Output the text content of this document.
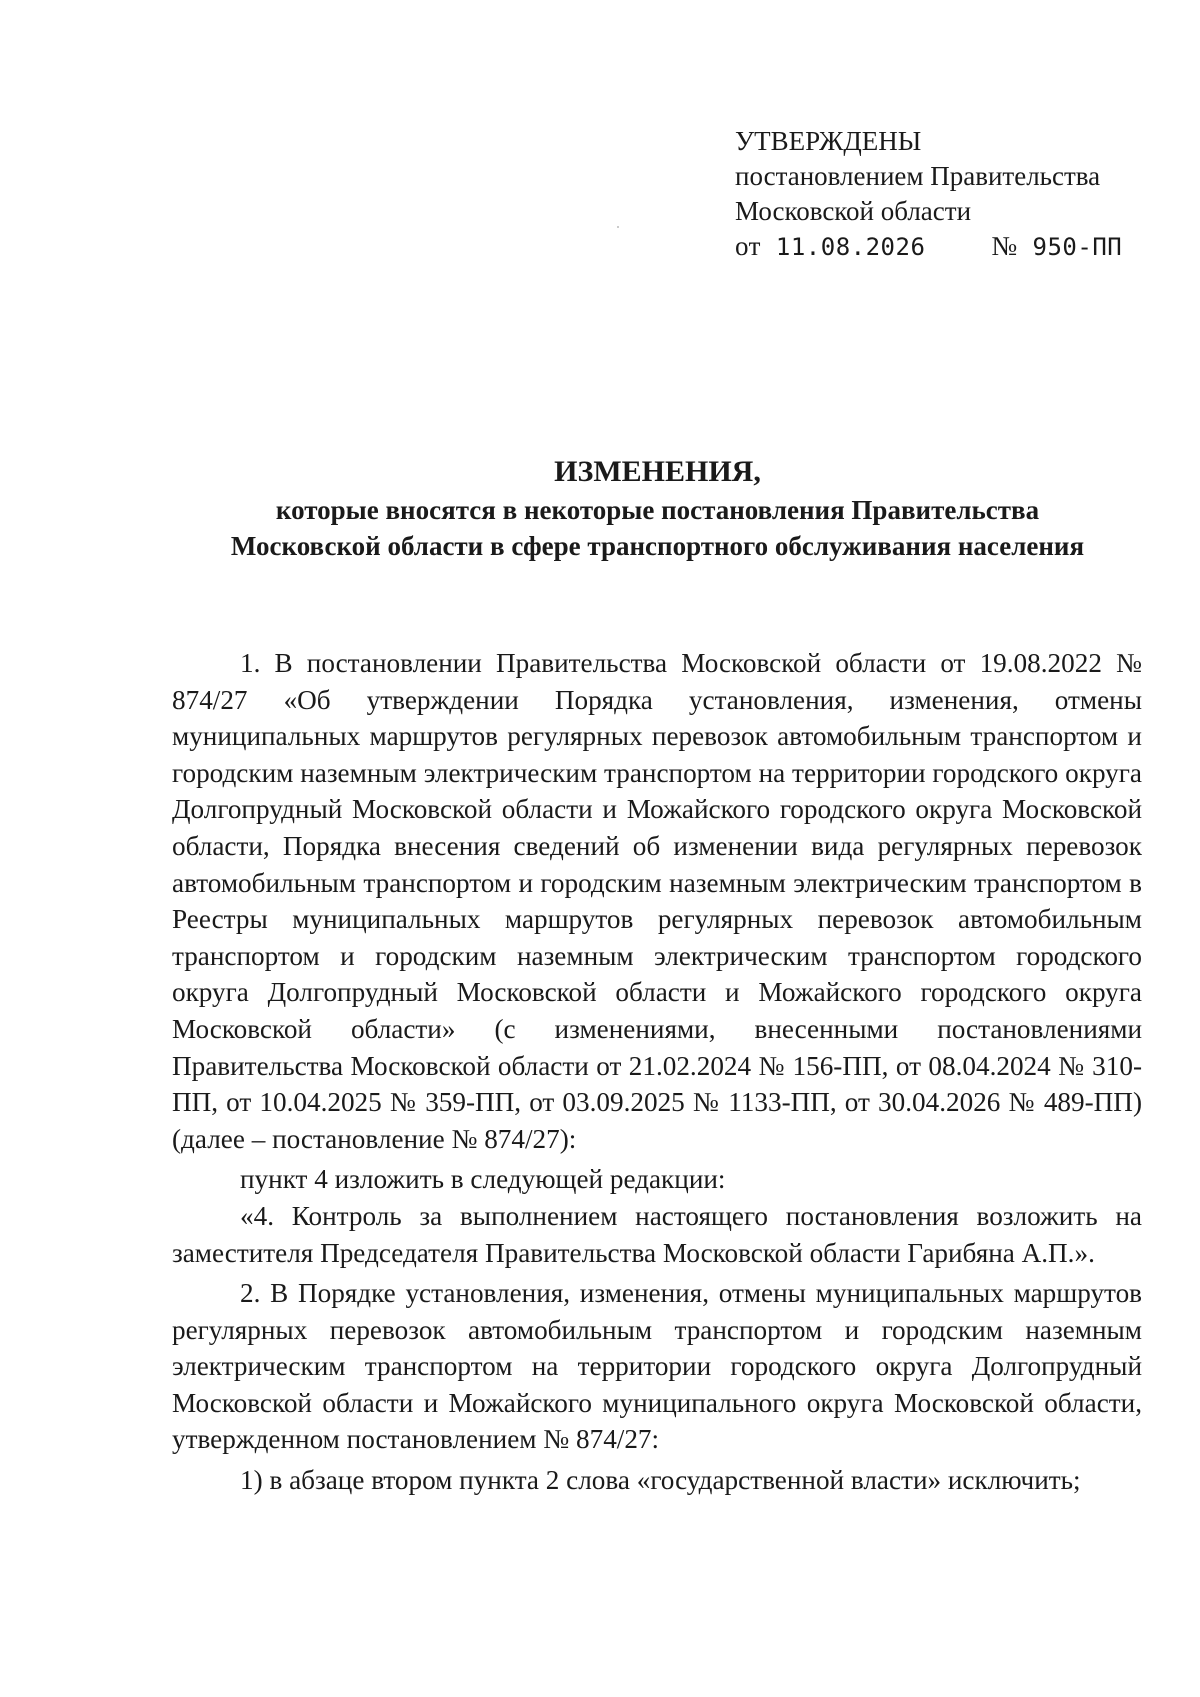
УТВЕРЖДЕНЫ
постановлением Правительства
Московской области
от 11.08.2026 № 950-ПП
ИЗМЕНЕНИЯ,
которые вносятся в некоторые постановления Правительства
Московской области в сфере транспортного обслуживания населения

1. В постановлении Правительства Московской области от 19.08.2022 № 874/27 «Об утверждении Порядка установления, изменения, отмены муниципальных маршрутов регулярных перевозок автомобильным транспортом и городским наземным электрическим транспортом на территории городского округа Долгопрудный Московской области и Можайского городского округа Московской области, Порядка внесения сведений об изменении вида регулярных перевозок автомобильным транспортом и городским наземным электрическим транспортом в Реестры муниципальных маршрутов регулярных перевозок автомобильным транспортом и городским наземным электрическим транспортом городского округа Долгопрудный Московской области и Можайского городского округа Московской области» (с изменениями, внесенными постановлениями Правительства Московской области от 21.02.2024 № 156-ПП, от 08.04.2024 № 310-ПП, от 10.04.2025 № 359-ПП, от 03.09.2025 № 1133-ПП, от 30.04.2026 № 489-ПП) (далее – постановление № 874/27):

пункт 4 изложить в следующей редакции:

«4. Контроль за выполнением настоящего постановления возложить на заместителя Председателя Правительства Московской области Гарибяна А.П.».

2. В Порядке установления, изменения, отмены муниципальных маршрутов регулярных перевозок автомобильным транспортом и городским наземным электрическим транспортом на территории городского округа Долгопрудный Московской области и Можайского муниципального округа Московской области, утвержденном постановлением № 874/27:

1) в абзаце втором пункта 2 слова «государственной власти» исключить;
